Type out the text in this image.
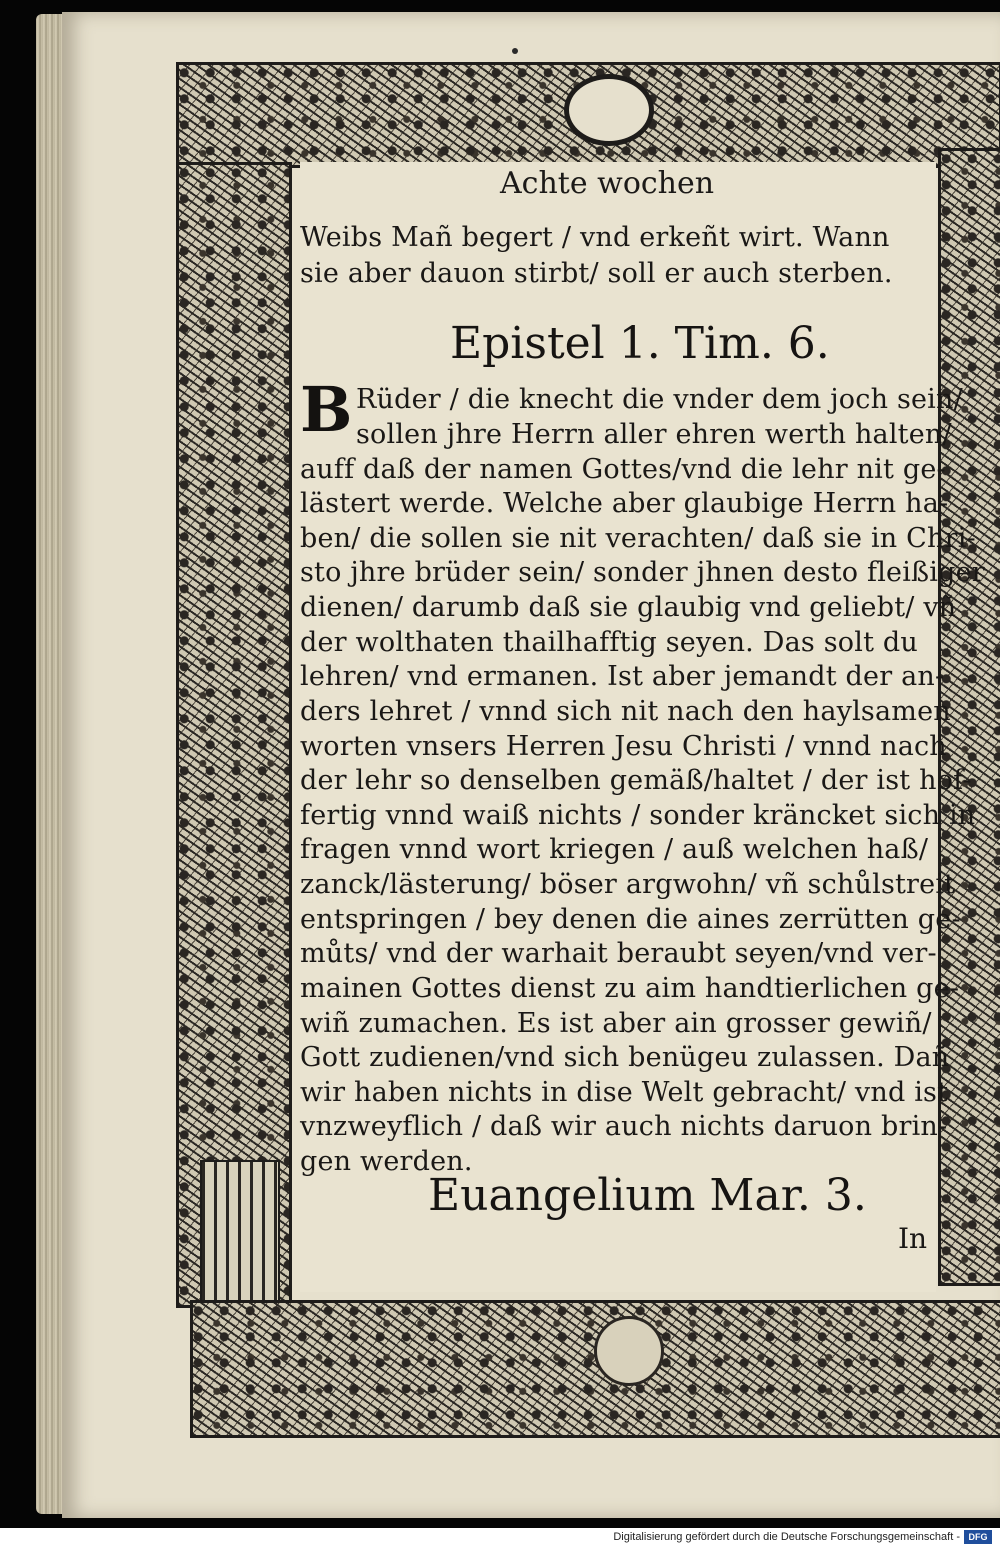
Achte wochen
Weibs Mañ begert / vnd erkeñt wirt. Wann
sie aber dauon stirbt/ soll er auch sterben.
Epistel 1. Tim. 6.
B Rüder / die knecht die vnder dem joch sein/
sollen jhre Herrn aller ehren werth halten/
auff daß der namen Gottes/vnd die lehr nit ge-
lästert werde. Welche aber glaubige Herrn ha-
ben/ die sollen sie nit verachten/ daß sie in Chri-
sto jhre brüder sein/ sonder jhnen desto fleißiger
dienen/ darumb daß sie glaubig vnd geliebt/ vñ
der wolthaten thailhafftig seyen. Das solt du
lehren/ vnd ermanen. Ist aber jemandt der an-
ders lehret / vnnd sich nit nach den haylsamen
worten vnsers Herren Jesu Christi / vnnd nach
der lehr so denselben gemäß/haltet / der ist hof-
fertig vnnd waiß nichts / sonder kräncket sich in
fragen vnnd wort kriegen / auß welchen haß/
zanck/lästerung/ böser argwohn/ vñ schůlstreit
entspringen / bey denen die aines zerrütten ge-
můts/ vnd der warhait beraubt seyen/vnd ver-
mainen Gottes dienst zu aim handtierlichen ge-
wiñ zumachen. Es ist aber ain grosser gewiñ/
Gott zudienen/vnd sich benügeu zulassen. Dañ
wir haben nichts in dise Welt gebracht/ vnd ist
vnzweyflich / daß wir auch nichts daruon brin-
gen werden.
Euangelium Mar. 3.
In
Digitalisierung gefördert durch die Deutsche Forschungsgemeinschaft - DFG
